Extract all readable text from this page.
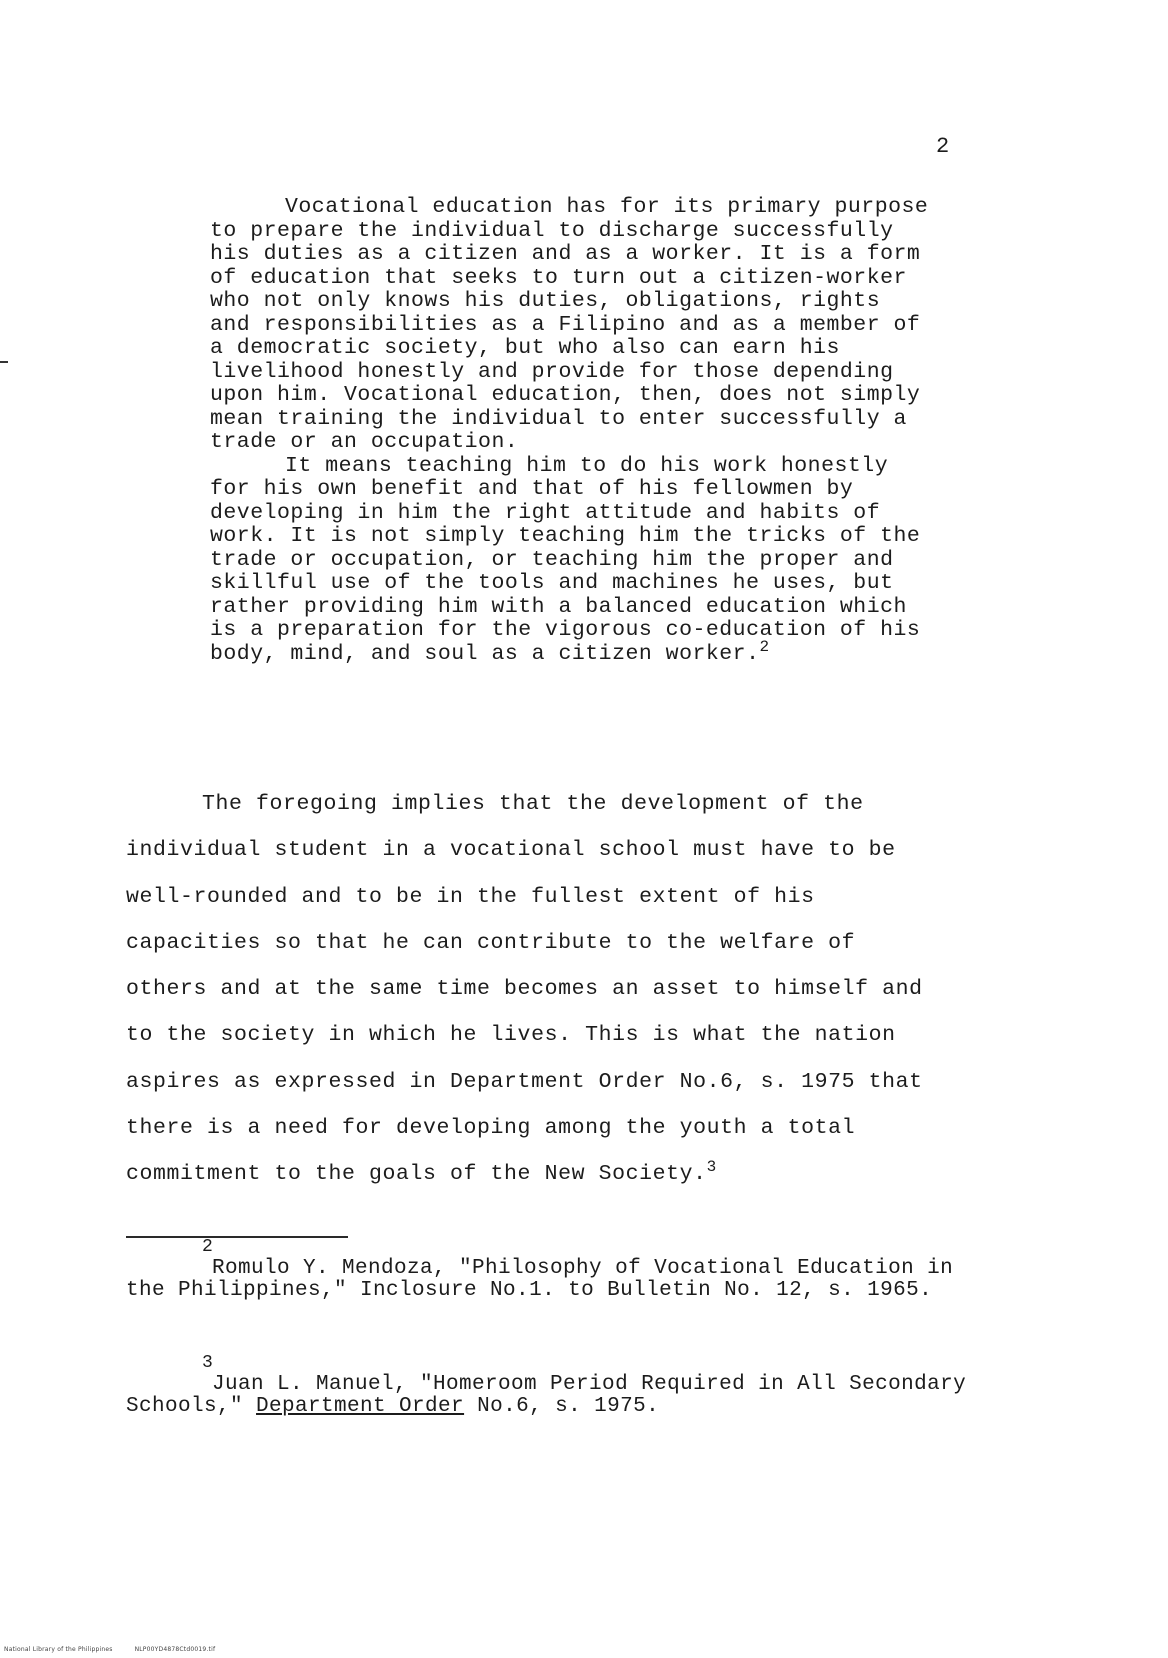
2

Vocational education has for its primary purpose to prepare the individual to discharge successfully his duties as a citizen and as a worker. It is a form of education that seeks to turn out a citizen-worker who not only knows his duties, obligations, rights and responsibilities as a Filipino and as a member of a democratic society, but who also can earn his livelihood honestly and provide for those depending upon him. Vocational education, then, does not simply mean training the individual to enter successfully a trade or an occupation.

It means teaching him to do his work honestly for his own benefit and that of his fellowmen by developing in him the right attitude and habits of work. It is not simply teaching him the tricks of the trade or occupation, or teaching him the proper and skillful use of the tools and machines he uses, but rather providing him with a balanced education which is a preparation for the vigorous co-education of his body, mind, and soul as a citizen worker.$^2$

The foregoing implies that the development of the individual student in a vocational school must have to be well-rounded and to be in the fullest extent of his capacities so that he can contribute to the welfare of others and at the same time becomes an asset to himself and to the society in which he lives. This is what the nation aspires as expressed in Department Order No.6, s. 1975 that there is a need for developing among the youth a total commitment to the goals of the New Society.$^3$

2

Romulo Y. Mendoza, "Philosophy of Vocational Education in the Philippines," Inclosure No.1. to Bulletin No. 12, s. 1965.

3

Juan L. Manuel, "Homeroom Period Required in All Secondary Schools," Department Order No.6, s. 1975.

National Library of the Philippines	NLP00YD4878Ctd0019.tif
